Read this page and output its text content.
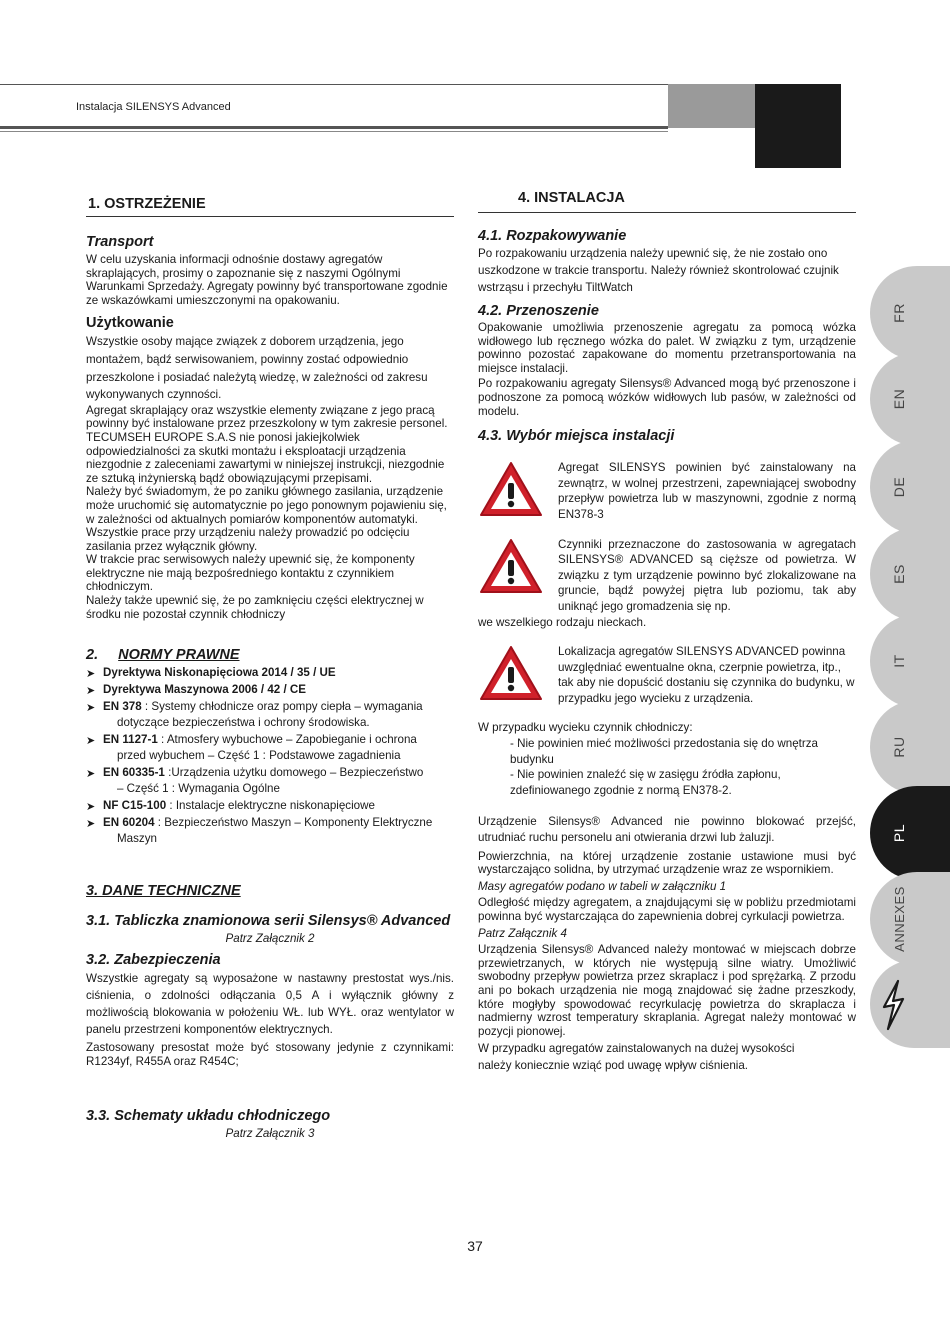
Instalacja SILENSYS Advanced
1. OSTRZEŻENIE
Transport
W celu uzyskania informacji odnośnie dostawy agregatów skraplających, prosimy o zapoznanie się z naszymi Ogólnymi Warunkami Sprzedaży. Agregaty powinny być transportowane zgodnie ze wskazówkami umieszczonymi na opakowaniu.
Użytkowanie
Wszystkie osoby mające związek z doborem urządzenia, jego montażem, bądź serwisowaniem, powinny zostać odpowiednio przeszkolone i posiadać należytą wiedzę, w zależności od zakresu wykonywanych czynności.
Agregat skraplający oraz wszystkie elementy związane z jego pracą powinny być instalowane przez przeszkolony w tym zakresie personel.
TECUMSEH EUROPE S.A.S nie ponosi jakiejkolwiek odpowiedzialności za skutki montażu i eksploatacji urządzenia niezgodnie z zaleceniami zawartymi w niniejszej instrukcji, niezgodnie ze sztuką inżynierską bądź obowiązującymi przepisami.
Należy być świadomym, że po zaniku głównego zasilania, urządzenie może uruchomić się automatycznie po jego ponownym pojawieniu się, w zależności od aktualnych pomiarów komponentów automatyki. Wszystkie prace przy urządzeniu należy prowadzić po odcięciu zasilania przez wyłącznik główny.
W trakcie prac serwisowych należy upewnić się, że komponenty elektryczne nie mają bezpośredniego kontaktu z czynnikiem chłodniczym.
Należy także upewnić się, że po zamknięciu części elektrycznej w środku nie pozostał czynnik chłodniczy
2. NORMY PRAWNE
➤ Dyrektywa Niskonapięciowa 2014 / 35 / UE
➤ Dyrektywa Maszynowa 2006 / 42 / CE
➤ EN 378 : Systemy chłodnicze oraz pompy ciepła – wymagania
dotyczące bezpieczeństwa i ochrony środowiska.
➤ EN 1127-1 : Atmosfery wybuchowe – Zapobieganie i ochrona
przed wybuchem – Część 1 : Podstawowe zagadnienia
➤ EN 60335-1 :Urządzenia użytku domowego – Bezpieczeństwo
– Część 1 : Wymagania Ogólne
➤ NF C15-100 : Instalacje elektryczne niskonapięciowe
➤ EN 60204 : Bezpieczeństwo Maszyn – Komponenty Elektryczne
Maszyn
3. DANE TECHNICZNE
3.1. Tabliczka znamionowa serii Silensys® Advanced
Patrz Załącznik 2
3.2. Zabezpieczenia
Wszystkie agregaty są wyposażone w nastawny prestostat wys./nis. ciśnienia, o zdolności odłączania 0,5 A i wyłącznik główny z możliwością blokowania w położeniu WŁ. lub WYŁ. oraz wentylator w panelu przestrzeni komponentów elektrycznych.
Zastosowany presostat może być stosowany jedynie z czynnikami: R1234yf, R455A oraz R454C;
3.3. Schematy układu chłodniczego
Patrz Załącznik 3
4. INSTALACJA
4.1. Rozpakowywanie
Po rozpakowaniu urządzenia należy upewnić się, że nie zostało ono uszkodzone w trakcie transportu. Należy również skontrolować czujnik wstrząsu i przechyłu TiltWatch
4.2. Przenoszenie
Opakowanie umożliwia przenoszenie agregatu za pomocą wózka widłowego lub ręcznego wózka do palet. W związku z tym, urządzenie powinno pozostać zapakowane do momentu przetransportowania na miejsce instalacji.
Po rozpakowaniu agregaty Silensys® Advanced mogą być przenoszone i podnoszone za pomocą wózków widłowych lub pasów, w zależności od modelu.
4.3. Wybór miejsca instalacji
Agregat SILENSYS powinien być zainstalowany na zewnątrz, w wolnej przestrzeni, zapewniającej swobodny przepływ powietrza lub w maszynowni, zgodnie z normą EN378-3
Czynniki przeznaczone do zastosowania w agregatach SILENSYS® ADVANCED są cięższe od powietrza. W związku z tym urządzenie powinno być zlokalizowane na gruncie, bądź powyżej piętra lub poziomu, tak aby uniknąć jego gromadzenia się np.
we wszelkiego rodzaju nieckach.
Lokalizacja agregatów SILENSYS ADVANCED powinna uwzględniać ewentualne okna, czerpnie powietrza, itp., tak aby nie dopuścić dostaniu się czynnika do budynku, w przypadku jego wycieku z urządzenia.
W przypadku wycieku czynnik chłodniczy:
- Nie powinien mieć możliwości przedostania się do wnętrza budynku
- Nie powinien znaleźć się w zasięgu źródła zapłonu, zdefiniowanego zgodnie z normą EN378-2.
Urządzenie Silensys® Advanced nie powinno blokować przejść, utrudniać ruchu personelu ani otwierania drzwi lub żaluzji.
Powierzchnia, na której urządzenie zostanie ustawione musi być wystarczająco solidna, by utrzymać urządzenie wraz ze wspornikiem.
Masy agregatów podano w tabeli w załączniku 1
Odległość między agregatem, a znajdującymi się w pobliżu przedmiotami powinna być wystarczająca do zapewnienia dobrej cyrkulacji powietrza.
Patrz Załącznik 4
Urządzenia Silensys® Advanced należy montować w miejscach dobrze przewietrzanych, w których nie występują silne wiatry. Umożliwić swobodny przepływ powietrza przez skraplacz i pod sprężarką. Z przodu ani po bokach urządzenia nie mogą znajdować się żadne przeszkody, które mogłyby spowodować recyrkulację powietrza do skraplacza i nadmierny wzrost temperatury skraplania. Agregat należy montować w pozycji pionowej.
W przypadku agregatów zainstalowanych na dużej wysokości należy koniecznie wziąć pod uwagę wpływ ciśnienia.
FR
EN
DE
ES
IT
RU
PL
ANNEXES
37
